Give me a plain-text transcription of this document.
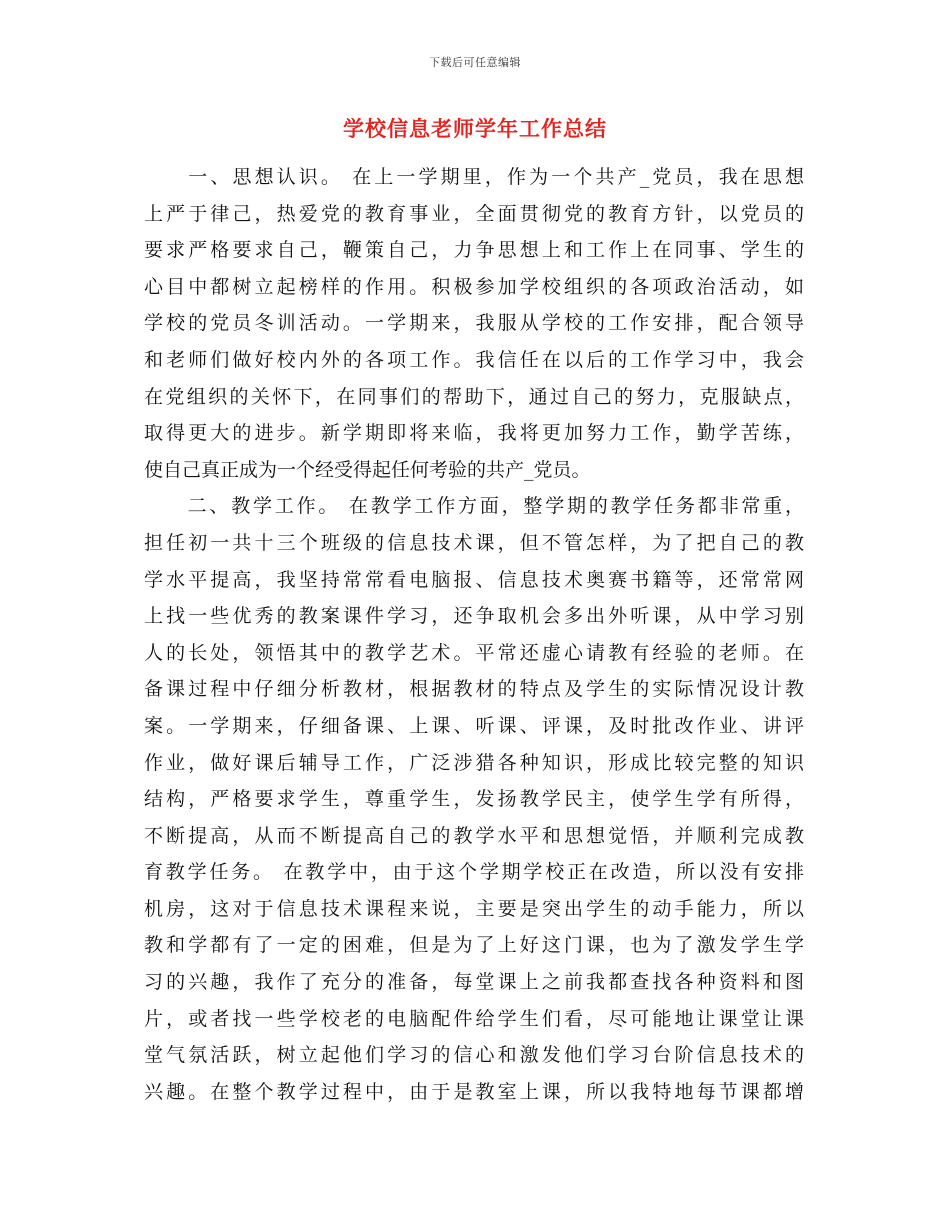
下载后可任意编辑
学校信息老师学年工作总结
　　一、思想认识。 在上一学期里，作为一个共产_党员，我在思想
上严于律己，热爱党的教育事业，全面贯彻党的教育方针，以党员的
要求严格要求自己，鞭策自己，力争思想上和工作上在同事、学生的
心目中都树立起榜样的作用。积极参加学校组织的各项政治活动，如
学校的党员冬训活动。一学期来，我服从学校的工作安排，配合领导
和老师们做好校内外的各项工作。我信任在以后的工作学习中，我会
在党组织的关怀下，在同事们的帮助下，通过自己的努力，克服缺点，
取得更大的进步。新学期即将来临，我将更加努力工作，勤学苦练，
使自己真正成为一个经受得起任何考验的共产_党员。
　　二、教学工作。 在教学工作方面，整学期的教学任务都非常重，
担任初一共十三个班级的信息技术课，但不管怎样，为了把自己的教
学水平提高，我坚持常常看电脑报、信息技术奥赛书籍等，还常常网
上找一些优秀的教案课件学习，还争取机会多出外听课，从中学习别
人的长处，领悟其中的教学艺术。平常还虚心请教有经验的老师。在
备课过程中仔细分析教材，根据教材的特点及学生的实际情况设计教
案。一学期来，仔细备课、上课、听课、评课，及时批改作业、讲评
作业，做好课后辅导工作，广泛涉猎各种知识，形成比较完整的知识
结构，严格要求学生，尊重学生，发扬教学民主，使学生学有所得，
不断提高，从而不断提高自己的教学水平和思想觉悟，并顺利完成教
育教学任务。 在教学中，由于这个学期学校正在改造，所以没有安排
机房，这对于信息技术课程来说，主要是突出学生的动手能力，所以
教和学都有了一定的困难，但是为了上好这门课，也为了激发学生学
习的兴趣，我作了充分的准备，每堂课上之前我都查找各种资料和图
片，或者找一些学校老的电脑配件给学生们看，尽可能地让课堂让课
堂气氛活跃，树立起他们学习的信心和激发他们学习台阶信息技术的
兴趣。在整个教学过程中，由于是教室上课，所以我特地每节课都增
